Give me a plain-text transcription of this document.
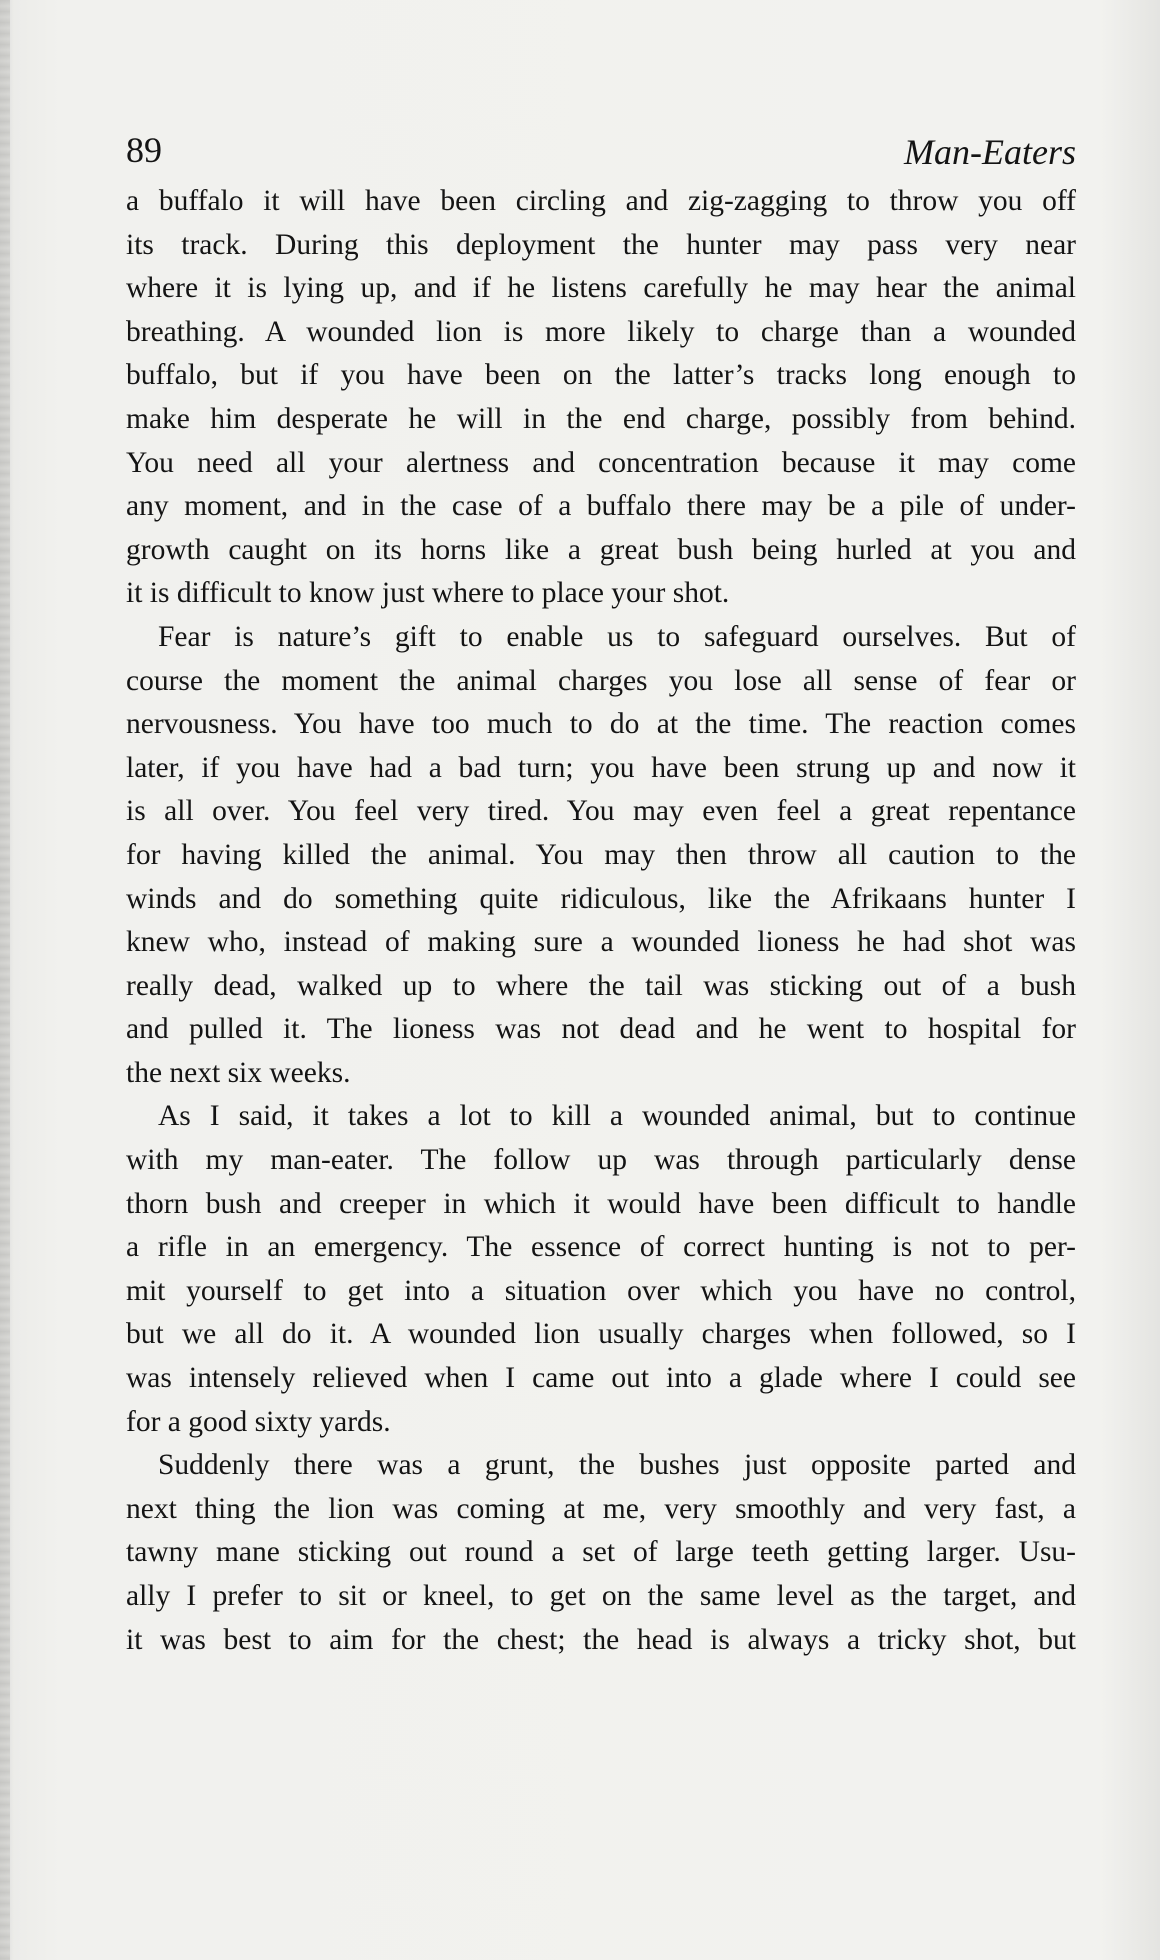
89	Man-Eaters
a buffalo it will have been circling and zig-zagging to throw you off
its track. During this deployment the hunter may pass very near
where it is lying up, and if he listens carefully he may hear the animal
breathing. A wounded lion is more likely to charge than a wounded
buffalo, but if you have been on the latter’s tracks long enough to
make him desperate he will in the end charge, possibly from behind.
You need all your alertness and concentration because it may come
any moment, and in the case of a buffalo there may be a pile of under-
growth caught on its horns like a great bush being hurled at you and
it is difficult to know just where to place your shot.
Fear is nature’s gift to enable us to safeguard ourselves. But of
course the moment the animal charges you lose all sense of fear or
nervousness. You have too much to do at the time. The reaction comes
later, if you have had a bad turn; you have been strung up and now it
is all over. You feel very tired. You may even feel a great repentance
for having killed the animal. You may then throw all caution to the
winds and do something quite ridiculous, like the Afrikaans hunter I
knew who, instead of making sure a wounded lioness he had shot was
really dead, walked up to where the tail was sticking out of a bush
and pulled it. The lioness was not dead and he went to hospital for
the next six weeks.
As I said, it takes a lot to kill a wounded animal, but to continue
with my man-eater. The follow up was through particularly dense
thorn bush and creeper in which it would have been difficult to handle
a rifle in an emergency. The essence of correct hunting is not to per-
mit yourself to get into a situation over which you have no control,
but we all do it. A wounded lion usually charges when followed, so I
was intensely relieved when I came out into a glade where I could see
for a good sixty yards.
Suddenly there was a grunt, the bushes just opposite parted and
next thing the lion was coming at me, very smoothly and very fast, a
tawny mane sticking out round a set of large teeth getting larger. Usu-
ally I prefer to sit or kneel, to get on the same level as the target, and
it was best to aim for the chest; the head is always a tricky shot, but
